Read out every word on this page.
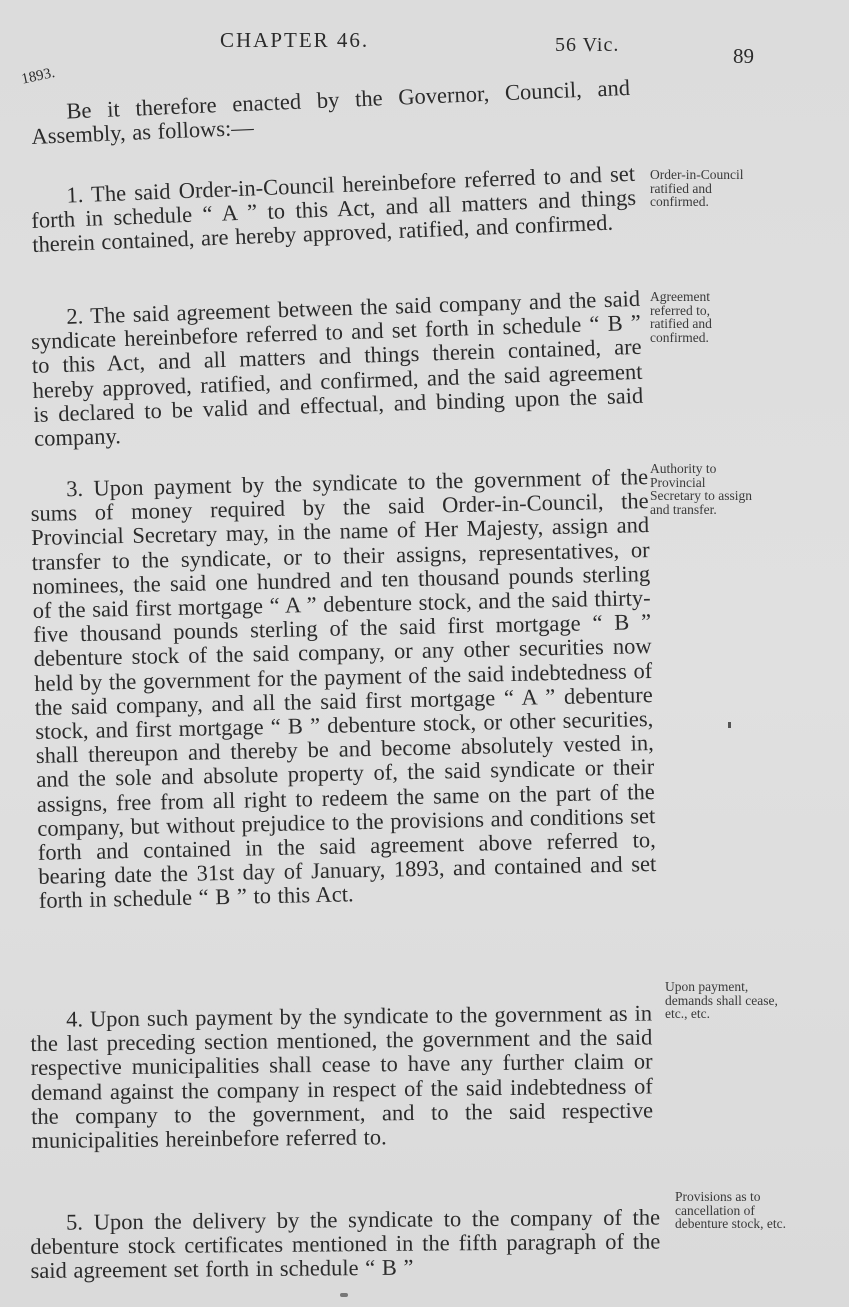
CHAPTER 46.	56 Vic.	89
1893. Be it therefore enacted by the Governor, Council, and Assembly, as follows:—

1. The said Order-in-Council hereinbefore referred to and set forth in schedule “ A ” to this Act, and all matters and things therein contained, are hereby approved, ratified, and confirmed.

2. The said agreement between the said company and the said syndicate hereinbefore referred to and set forth in schedule “ B ” to this Act, and all matters and things therein contained, are hereby approved, ratified, and confirmed, and the said agreement is declared to be valid and effectual, and binding upon the said company.

3. Upon payment by the syndicate to the government of the sums of money required by the said Order-in-Council, the Provincial Secretary may, in the name of Her Majesty, assign and transfer to the syndicate, or to their assigns, representatives, or nominees, the said one hundred and ten thousand pounds sterling of the said first mortgage “ A ” debenture stock, and the said thirty-five thousand pounds sterling of the said first mortgage “ B ” debenture stock of the said company, or any other securities now held by the government for the payment of the said indebtedness of the said company, and all the said first mortgage “ A ” debenture stock, and first mortgage “ B ” debenture stock, or other securities, shall thereupon and thereby be and become absolutely vested in, and the sole and absolute property of, the said syndicate or their assigns, free from all right to redeem the same on the part of the company, but without prejudice to the provisions and conditions set forth and contained in the said agreement above referred to, bearing date the 31st day of January, 1893, and contained and set forth in schedule “ B ” to this Act.

4. Upon such payment by the syndicate to the government as in the last preceding section mentioned, the government and the said respective municipalities shall cease to have any further claim or demand against the company in respect of the said indebtedness of the company to the government, and to the said respective municipalities hereinbefore referred to.

5. Upon the delivery by the syndicate to the company of the debenture stock certificates mentioned in the fifth paragraph of the said agreement set forth in schedule “ B ”

Order-in-Council ratified and confirmed.
Agreement referred to, ratified and confirmed.
Authority to Provincial Secretary to assign and transfer.
Upon payment, demands shall cease, etc., etc.
Provisions as to cancellation of debenture stock, etc.
